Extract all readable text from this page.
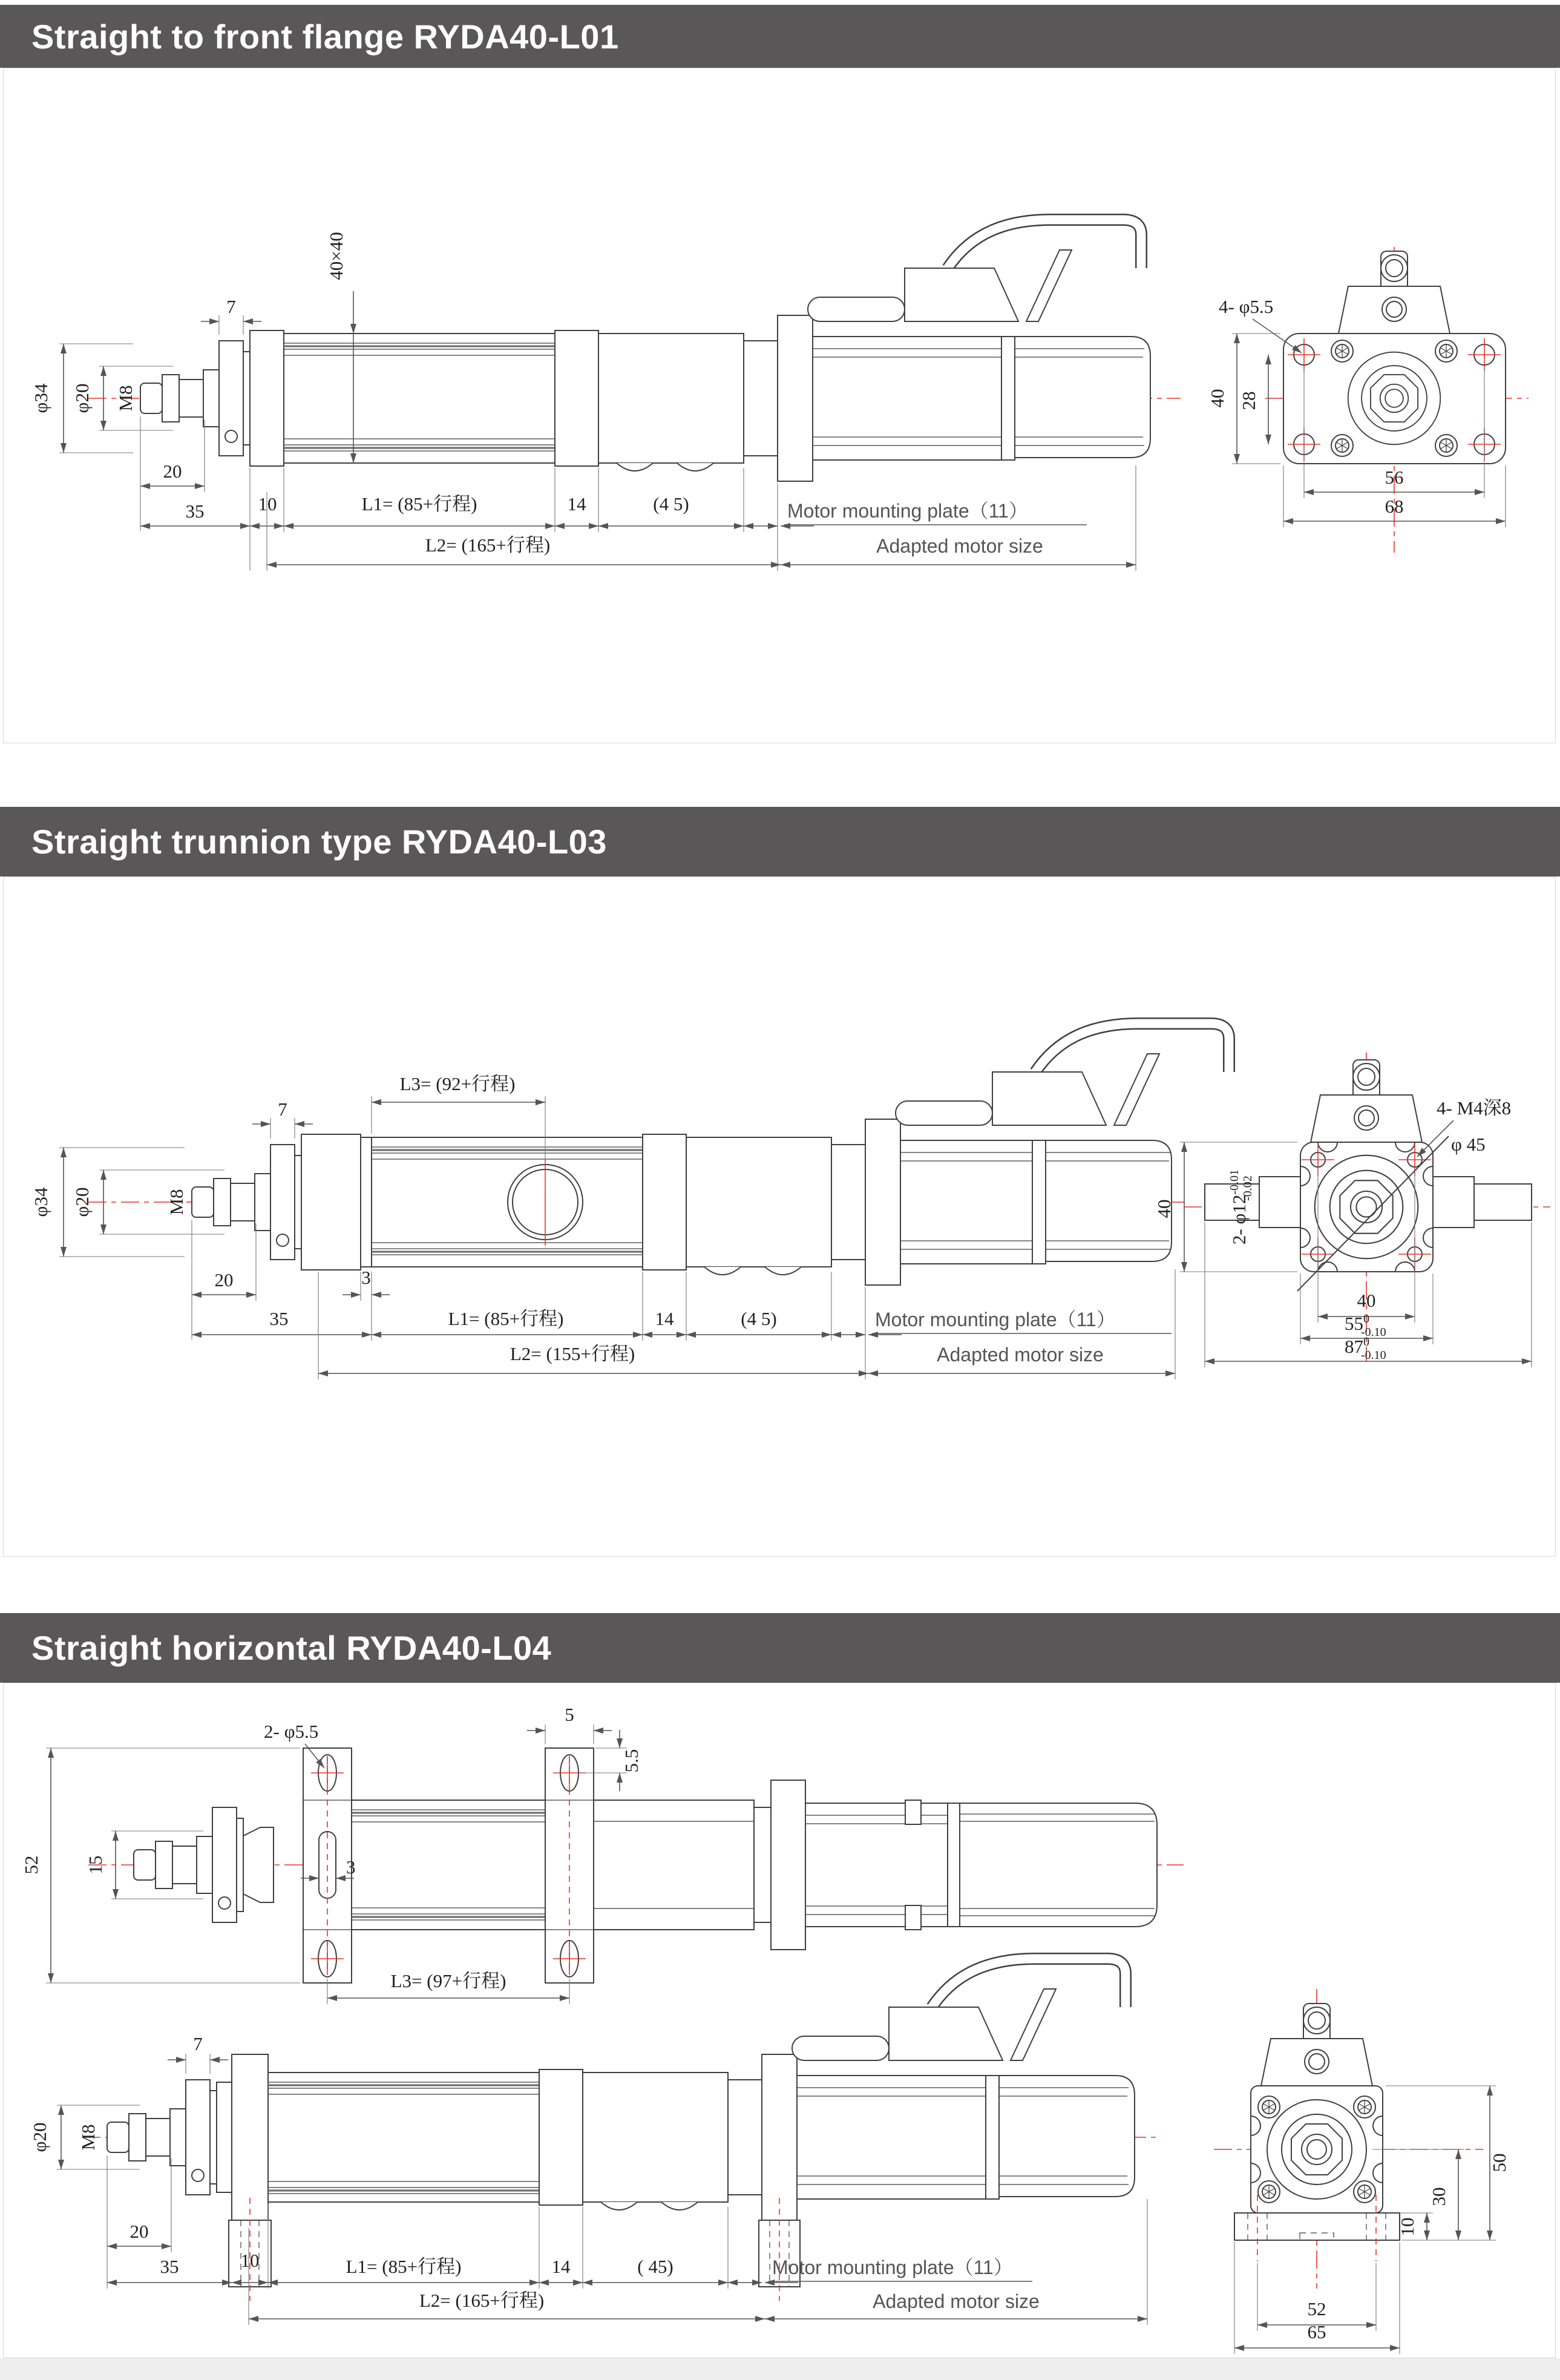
Straight to front flange RYDA40-L01
7
φ34 φ20 M8
40×40
20
35	10	L1= (85+行程)	14	(4 5)	Motor mounting plate（11）
L2= (165+行程)	Adapted motor size
4- φ5.5
40 28
56
68
Straight trunnion type RYDA40-L03
7
φ34 φ20	M8
L3= (92+行程)
20	3
35	L1= (85+行程)	14	(4 5)	Motor mounting plate（11）
L2= (155+行程)	Adapted motor size
4- M4深8
φ 45
40	2- $\varphi 12^{-0.01}-0.02$
40
$55^0$ -0.10
$87^0$ -0.10
Straight horizontal RYDA40-L04
2- φ5.5
5
5.5
52 15	3
L3= (97+行程)
7
φ20 M8
20
35	10	L1= (85+行程)	14	( 45)	Motor mounting plate（11）
L2= (165+行程)	Adapted motor size
50
30
10
52
65
